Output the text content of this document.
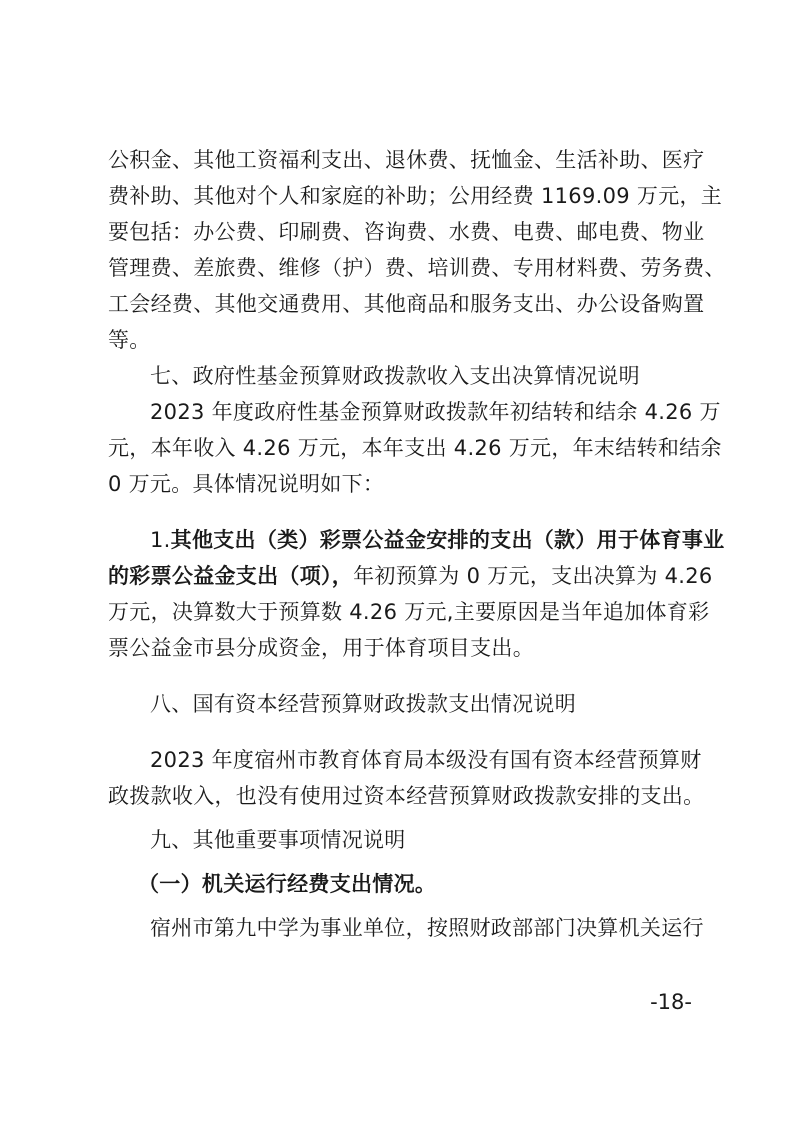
公积金、其他工资福利支出、退休费、抚恤金、生活补助、医疗
费补助、其他对个人和家庭的补助；公用经费 1169.09 万元，主
要包括：办公费、印刷费、咨询费、水费、电费、邮电费、物业
管理费、差旅费、维修（护）费、培训费、专用材料费、劳务费、
工会经费、其他交通费用、其他商品和服务支出、办公设备购置
等。
七、政府性基金预算财政拨款收入支出决算情况说明
2023 年度政府性基金预算财政拨款年初结转和结余 4.26 万
元，本年收入 4.26 万元，本年支出 4.26 万元，年末结转和结余
0 万元。具体情况说明如下：
1.其他支出（类）彩票公益金安排的支出（款）用于体育事业
的彩票公益金支出（项），年初预算为 0 万元，支出决算为 4.26
万元，决算数大于预算数 4.26 万元,主要原因是当年追加体育彩
票公益金市县分成资金，用于体育项目支出。
八、国有资本经营预算财政拨款支出情况说明
2023 年度宿州市教育体育局本级没有国有资本经营预算财
政拨款收入，也没有使用过资本经营预算财政拨款安排的支出。
九、其他重要事项情况说明
（一）机关运行经费支出情况。
宿州市第九中学为事业单位，按照财政部部门决算机关运行
-18-
